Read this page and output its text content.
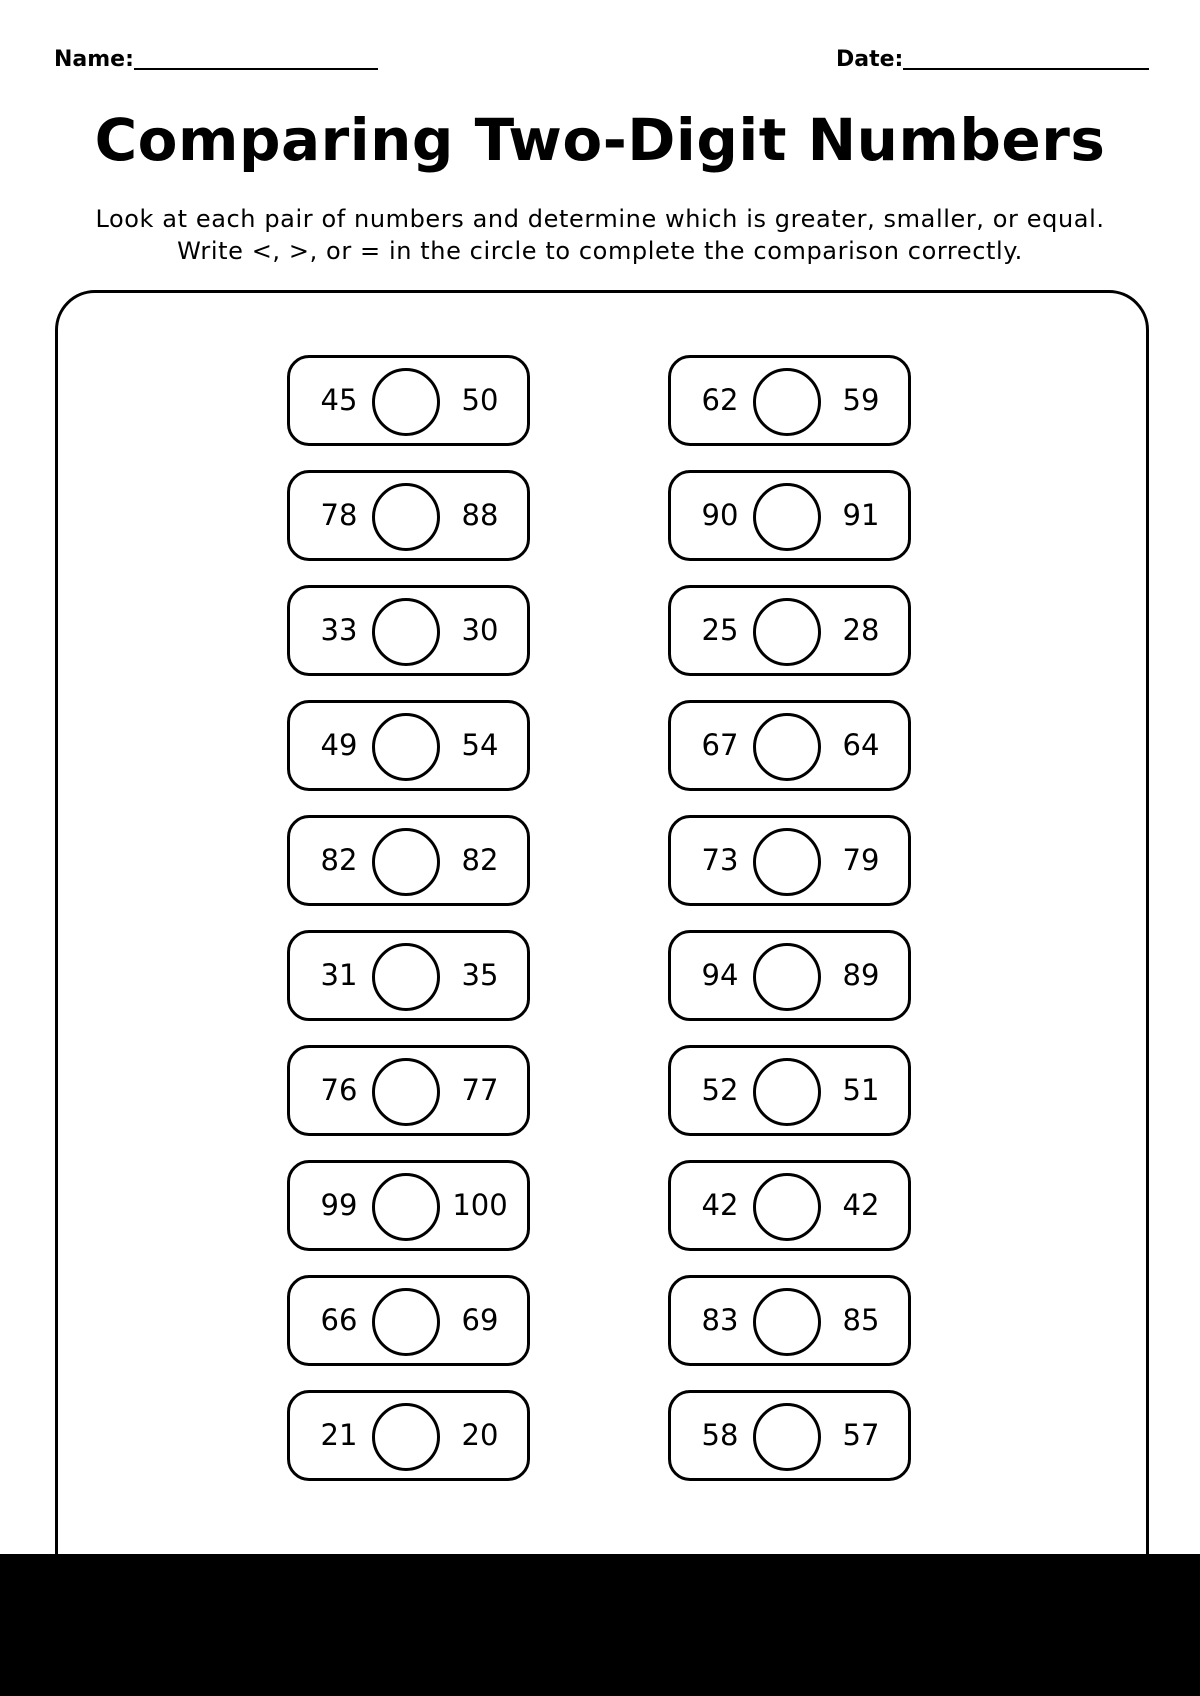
Name:	Date:
Comparing Two-Digit Numbers

Look at each pair of numbers and determine which is greater, smaller, or equal.
Write <, >, or = in the circle to complete the comparison correctly.

45	50
78	88
33	30
49	54
82	82
31	35
76	77
99	100
66	69
21	20
62	59
90	91
25	28
67	64
73	79
94	89
52	51
42	42
83	85
58	57
